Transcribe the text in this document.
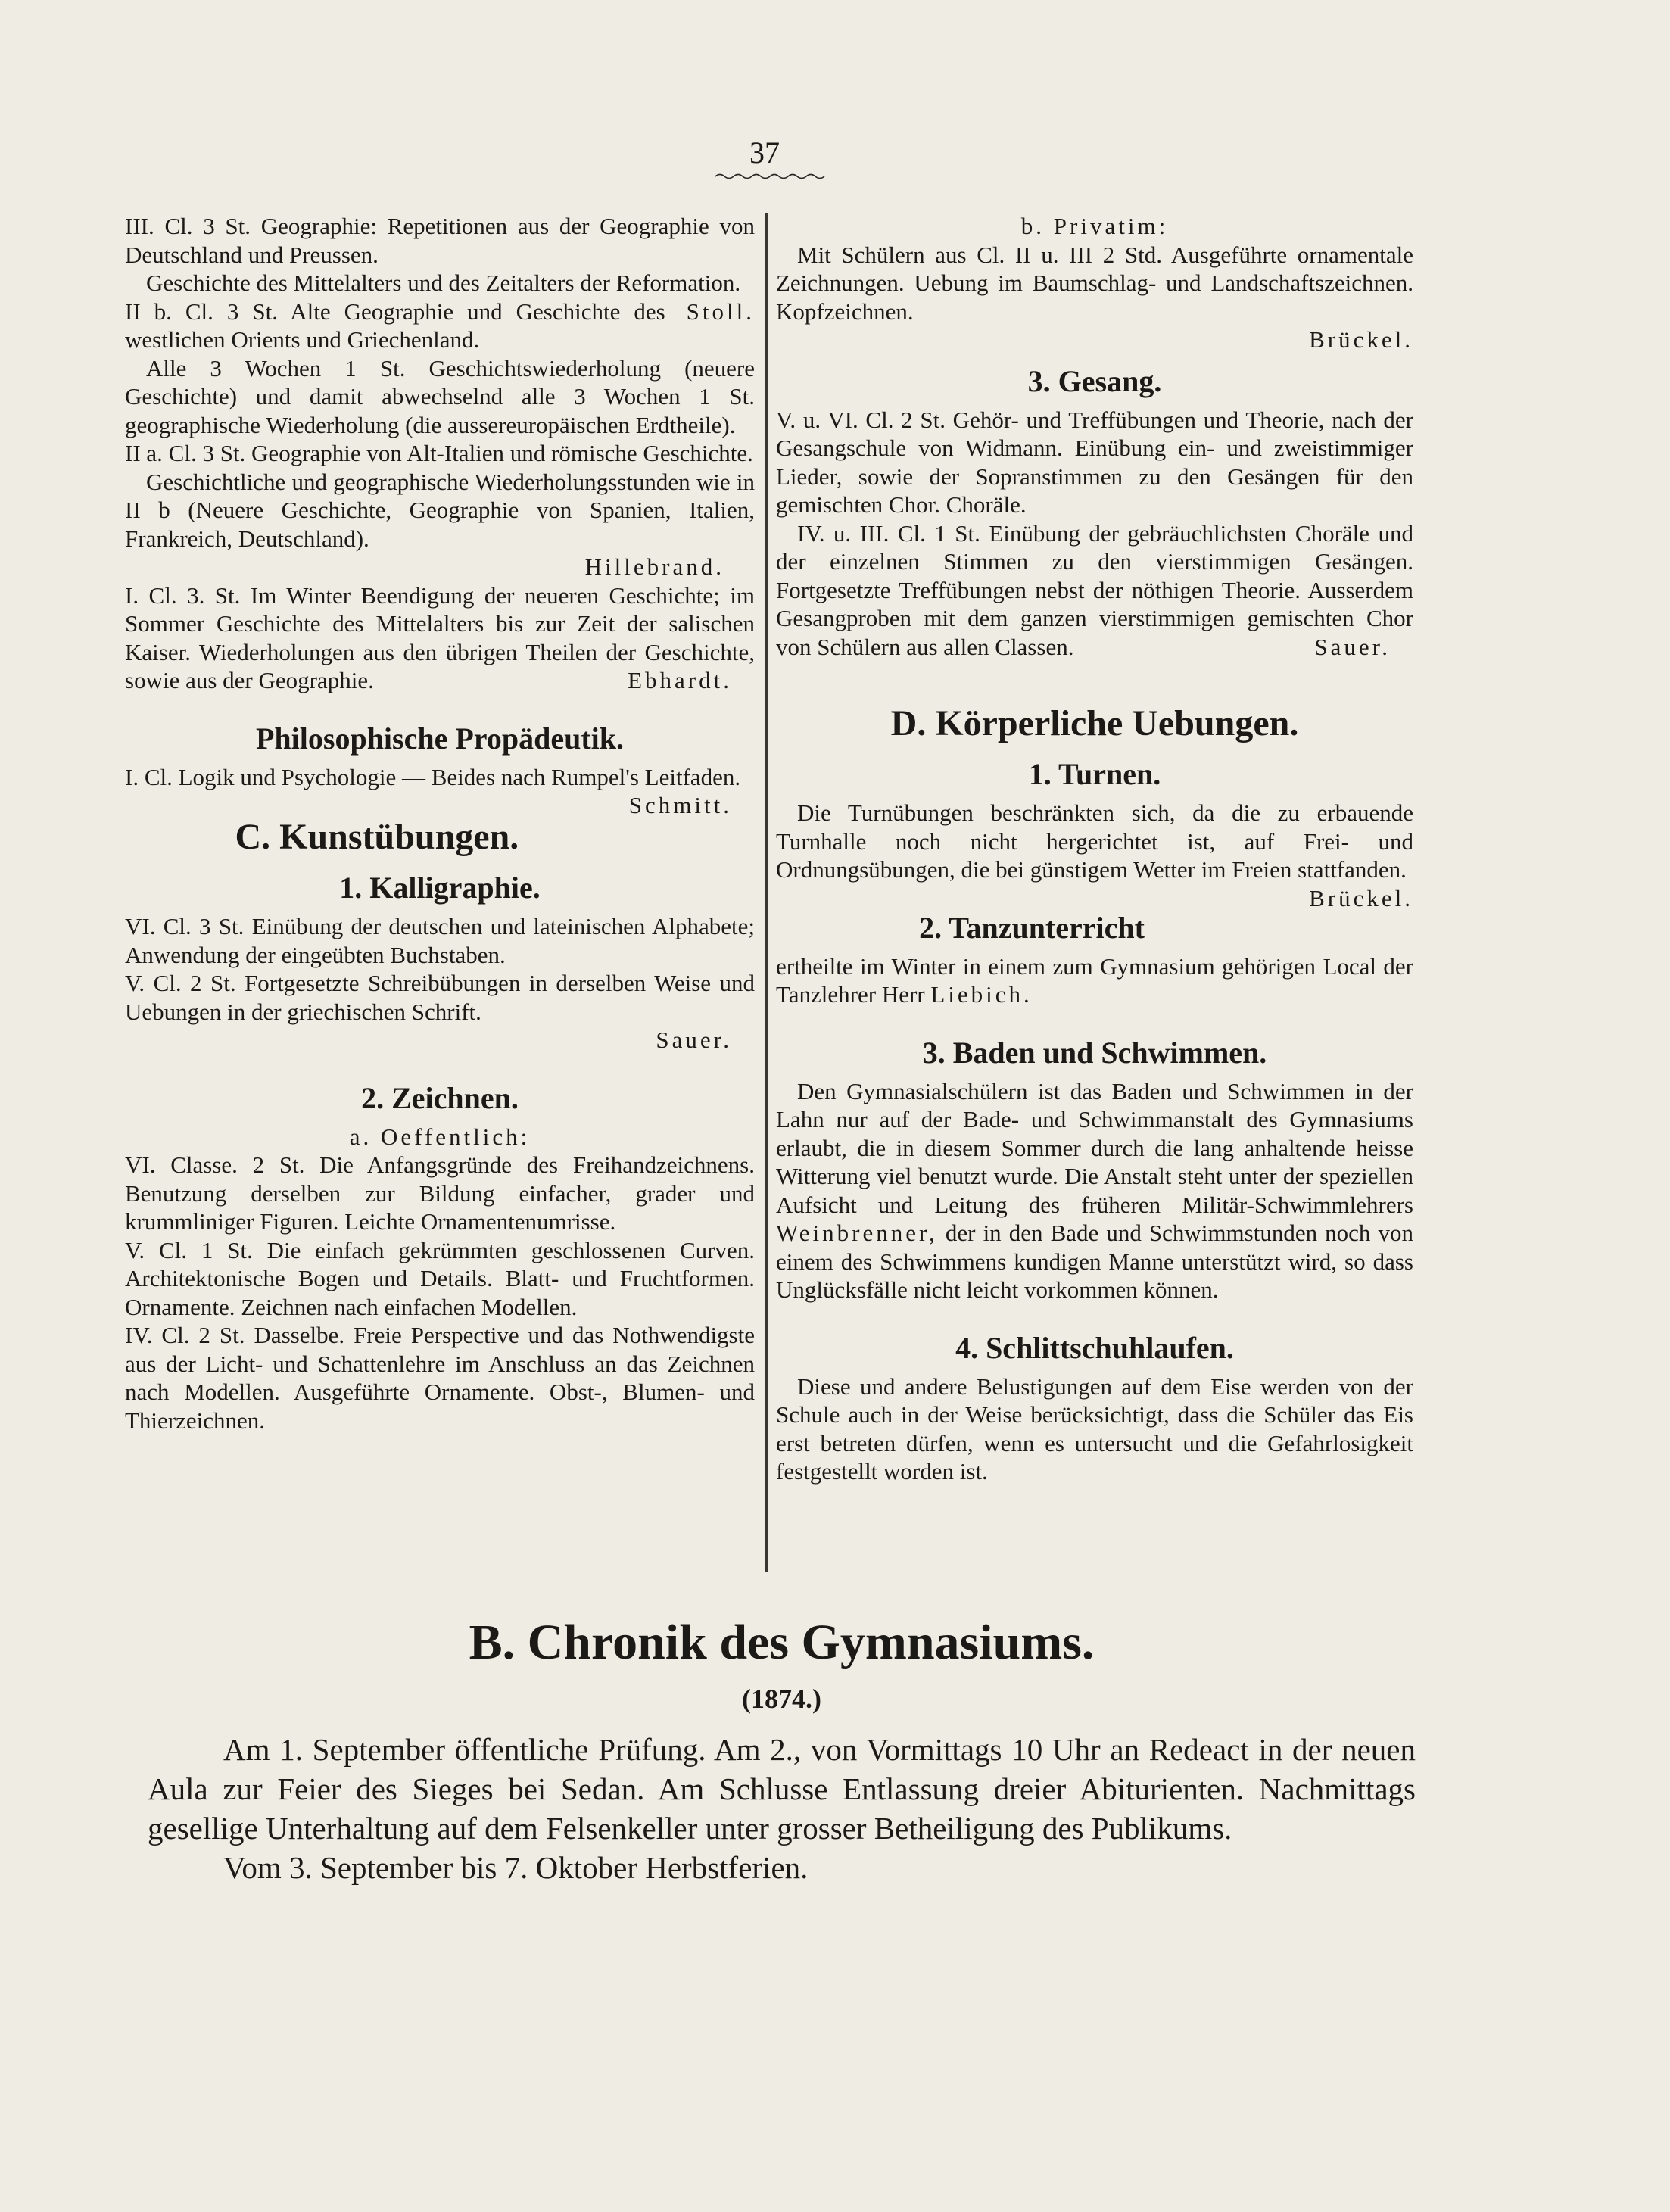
37

III. Cl. 3 St. Geographie: Repetitionen aus der Geographie von Deutschland und Preussen.

Geschichte des Mittelalters und des Zeitalters der Reformation.
Stoll.

II b. Cl. 3 St. Alte Geographie und Geschichte des westlichen Orients und Griechenland.

Alle 3 Wochen 1 St. Geschichtswiederholung (neuere Geschichte) und damit abwechselnd alle 3 Wochen 1 St. geographische Wiederholung (die aussereuropäischen Erdtheile).

II a. Cl. 3 St. Geographie von Alt-Italien und römische Geschichte.

Geschichtliche und geographische Wiederholungsstunden wie in II b (Neuere Geschichte, Geographie von Spanien, Italien, Frankreich, Deutschland).

Hillebrand.

I. Cl. 3. St. Im Winter Beendigung der neueren Geschichte; im Sommer Geschichte des Mittelalters bis zur Zeit der salischen Kaiser. Wiederholungen aus den übrigen Theilen der Geschichte, sowie aus der Geographie.	Ebhardt.

Philosophische Propädeutik.

I. Cl. Logik und Psychologie — Beides nach Rumpel's Leitfaden.
Schmitt.

C. Kunstübungen.
1. Kalligraphie.

VI. Cl. 3 St. Einübung der deutschen und lateinischen Alphabete; Anwendung der eingeübten Buchstaben.

V. Cl. 2 St. Fortgesetzte Schreibübungen in derselben Weise und Uebungen in der griechischen Schrift.

Sauer.
2. Zeichnen.
a. Oeffentlich:

VI. Classe. 2 St. Die Anfangsgründe des Freihandzeichnens. Benutzung derselben zur Bildung einfacher, grader und krummliniger Figuren. Leichte Ornamentenumrisse.

V. Cl. 1 St. Die einfach gekrümmten geschlossenen Curven. Architektonische Bogen und Details. Blatt- und Fruchtformen. Ornamente. Zeichnen nach einfachen Modellen.

IV. Cl. 2 St. Dasselbe. Freie Perspective und das Nothwendigste aus der Licht- und Schattenlehre im Anschluss an das Zeichnen nach Modellen. Ausgeführte Ornamente. Obst-, Blumen- und Thierzeichnen.

b. Privatim:

Mit Schülern aus Cl. II u. III 2 Std. Ausgeführte ornamentale Zeichnungen. Uebung im Baumschlag- und Landschaftszeichnen. Kopfzeichnen.

Brückel.
3. Gesang.

V. u. VI. Cl. 2 St. Gehör- und Treffübungen und Theorie, nach der Gesangschule von Widmann. Einübung ein- und zweistimmiger Lieder, sowie der Sopranstimmen zu den Gesängen für den gemischten Chor. Choräle.

IV. u. III. Cl. 1 St. Einübung der gebräuchlichsten Choräle und der einzelnen Stimmen zu den vierstimmigen Gesängen. Fortgesetzte Treffübungen nebst der nöthigen Theorie. Ausserdem Gesangproben mit dem ganzen vierstimmigen gemischten Chor von Schülern aus allen Classen.	Sauer.

D. Körperliche Uebungen.
1. Turnen.

Die Turnübungen beschränkten sich, da die zu erbauende Turnhalle noch nicht hergerichtet ist, auf Frei- und Ordnungsübungen, die bei günstigem Wetter im Freien stattfanden.
Brückel.

2. Tanzunterricht

ertheilte im Winter in einem zum Gymnasium gehörigen Local der Tanzlehrer Herr Liebich.

3. Baden und Schwimmen.

Den Gymnasialschülern ist das Baden und Schwimmen in der Lahn nur auf der Bade- und Schwimmanstalt des Gymnasiums erlaubt, die in diesem Sommer durch die lang anhaltende heisse Witterung viel benutzt wurde. Die Anstalt steht unter der speziellen Aufsicht und Leitung des früheren Militär-Schwimmlehrers Weinbrenner, der in den Bade und Schwimmstunden noch von einem des Schwimmens kundigen Manne unterstützt wird, so dass Unglücksfälle nicht leicht vorkommen können.

4. Schlittschuhlaufen.

Diese und andere Belustigungen auf dem Eise werden von der Schule auch in der Weise berücksichtigt, dass die Schüler das Eis erst betreten dürfen, wenn es untersucht und die Gefahrlosigkeit festgestellt worden ist.

B. Chronik des Gymnasiums.
(1874.)

Am 1. September öffentliche Prüfung. Am 2., von Vormittags 10 Uhr an Redeact in der neuen Aula zur Feier des Sieges bei Sedan. Am Schlusse Entlassung dreier Abiturienten. Nachmittags gesellige Unterhaltung auf dem Felsenkeller unter grosser Betheiligung des Publikums.

Vom 3. September bis 7. Oktober Herbstferien.
